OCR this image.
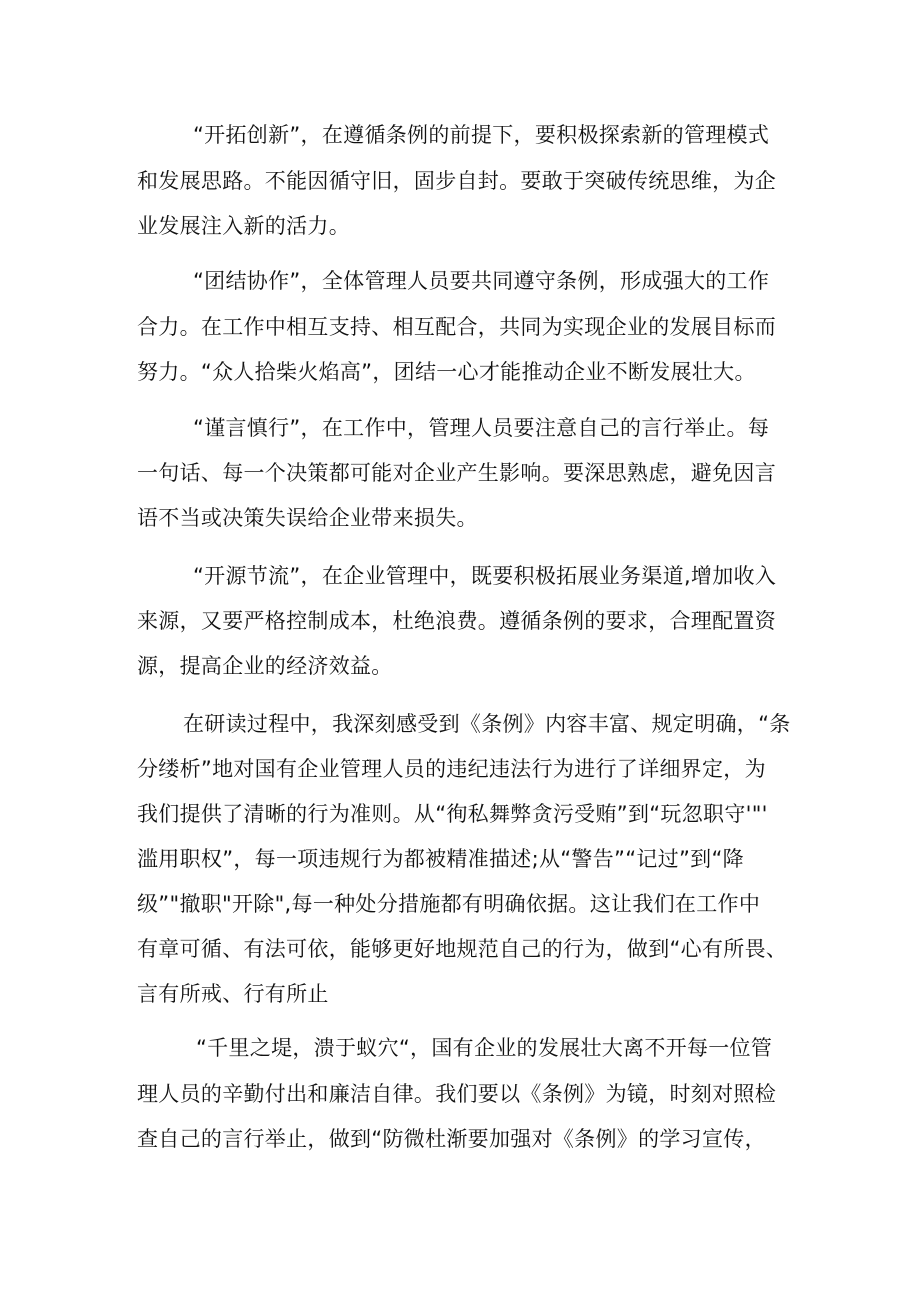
“开拓创新”，在遵循条例的前提下，要积极探索新的管理模式
和发展思路。不能因循守旧，固步自封。要敢于突破传统思维，为企
业发展注入新的活力。
“团结协作”，全体管理人员要共同遵守条例，形成强大的工作
合力。在工作中相互支持、相互配合，共同为实现企业的发展目标而
努力。“众人拾柴火焰高”，团结一心才能推动企业不断发展壮大。
“谨言慎行”，在工作中，管理人员要注意自己的言行举止。每
一句话、每一个决策都可能对企业产生影响。要深思熟虑，避免因言
语不当或决策失误给企业带来损失。
“开源节流”，在企业管理中，既要积极拓展业务渠道,增加收入
来源，又要严格控制成本，杜绝浪费。遵循条例的要求，合理配置资
源，提高企业的经济效益。
在研读过程中，我深刻感受到《条例》内容丰富、规定明确，“条
分缕析”地对国有企业管理人员的违纪违法行为进行了详细界定，为
我们提供了清晰的行为准则。从“徇私舞弊贪污受贿”到“玩忽职守'"'
滥用职权”，每一项违规行为都被精准描述;从“警告”“记过”到“降
级”"撤职"开除",每一种处分措施都有明确依据。这让我们在工作中
有章可循、有法可依，能够更好地规范自己的行为，做到“心有所畏、
言有所戒、行有所止
“千里之堤，溃于蚁穴“，国有企业的发展壮大离不开每一位管
理人员的辛勤付出和廉洁自律。我们要以《条例》为镜，时刻对照检
查自己的言行举止，做到“防微杜渐要加强对《条例》的学习宣传，
